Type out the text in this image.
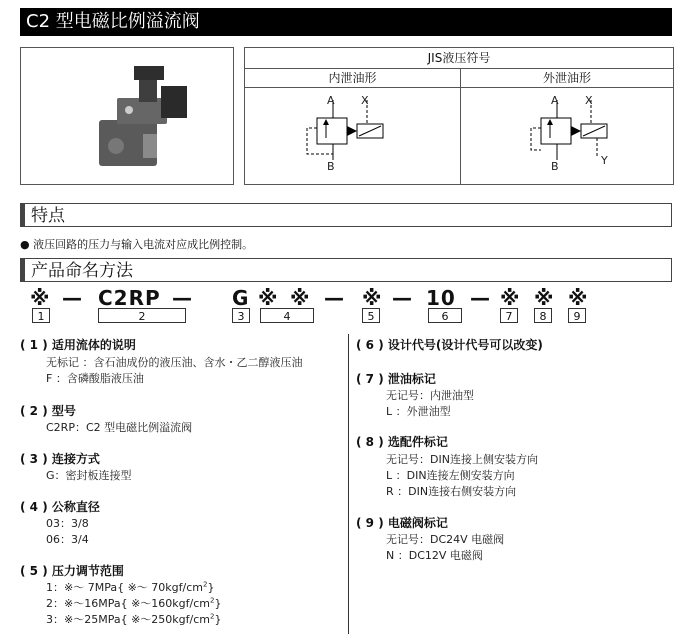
C2 型电磁比例溢流阀
JIS液压符号
内泄油形
A X
B
外泄油形
A X
B	Y
特点
● 液压回路的压力与输入电流对应成比例控制。
产品命名方法
※ — C2RP — G ※ ※ — ※ — 10 — ※ ※ ※
1	2	3	4	5	6	7	8	9
( 1 ) 适用流体的说明
无标记 ：含石油成份的液压油、含水・乙二醇液压油
F ：含磷酸脂液压油
( 2 ) 型号
C2RP：C2 型电磁比例溢流阀
( 3 ) 连接方式
G：密封板连接型
( 4 ) 公称直径
03：3/8
06：3/4
( 5 ) 压力调节范围
1：※～ 7MPa{ ※～ $70kgf/cm^2$}
2：※～16MPa{ $※\sim 160kgf/cm^2$}
3：※～25MPa{ $※\sim 250kgf/cm^2$}
( 6 ) 设计代号(设计代号可以改变)
( 7 ) 泄油标记
无记号：内泄油型
L ：外泄油型
( 8 ) 选配件标记
无记号：DIN连接上侧安装方向
L ：DIN连接左侧安装方向
R ：DIN连接右侧安装方向
( 9 ) 电磁阀标记
无记号：DC24V 电磁阀
N ：DC12V 电磁阀
